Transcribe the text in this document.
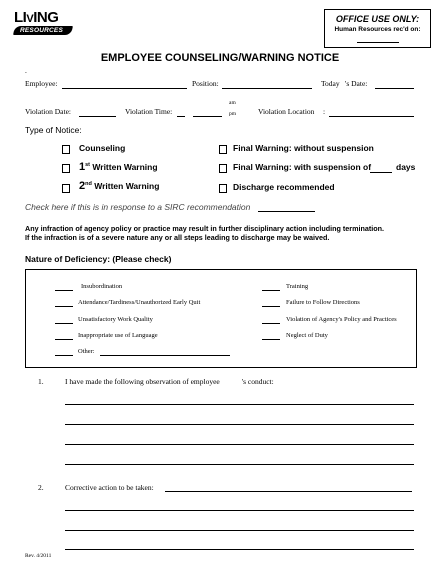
LIVING
RESOURCES
OFFICE USE ONLY:
Human Resources rec'd on:
EMPLOYEE COUNSELING/WARNING NOTICE
.
Employee:	Position:	Today 's Date:
Violation Date:	Violation Time:
am
pm	Violation Location :
Type of Notice:
Counseling
1st Written Warning
2nd Written Warning
Final Warning: without suspension
Final Warning: with suspension of	days
Discharge recommended
Check here if this is in response to a SIRC recommendation
Any infraction of agency policy or practice may result in further disciplinary action including termination.
If the infraction is of a severe nature any or all steps leading to discharge may be waived.
Nature of Deficiency: (Please check)
Insubordination
Attendance/Tardiness/Unauthorized Early Quit
Unsatisfactory Work Quality
Inappropriate use of Language
Other:
Training
Failure to Follow Directions
Violation of Agency's Policy and Practices
Neglect of Duty
1.	I have made the following observation of employee	's conduct:
2.	Corrective action to be taken:
Rev. 4/2011
